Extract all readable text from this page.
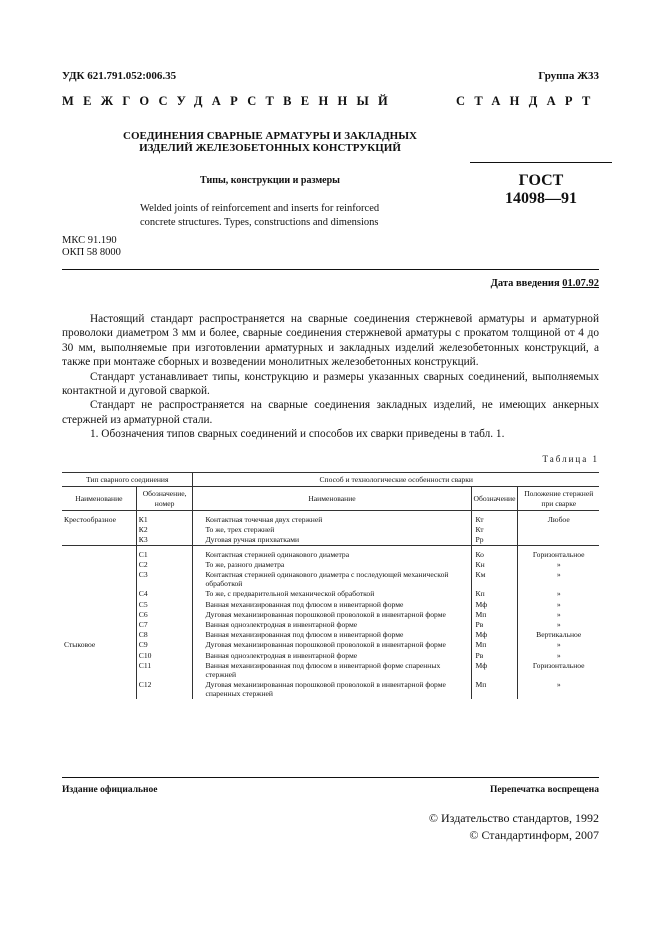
УДК 621.791.052:006.35	Группа Ж33
МЕЖГОСУДАРСТВЕННЫЙ	СТАНДАРТ
СОЕДИНЕНИЯ СВАРНЫЕ АРМАТУРЫ И ЗАКЛАДНЫХ
ИЗДЕЛИЙ ЖЕЛЕЗОБЕТОННЫХ КОНСТРУКЦИЙ
Типы, конструкции и размеры	ГОСТ
14098—91
Welded joints of reinforcement and inserts for reinforced concrete structures. Types, constructions and dimensions
МКС 91.190
ОКП 58 8000
Дата введения 01.07.92

Настоящий стандарт распространяется на сварные соединения стержневой арматуры и арматурной проволоки диаметром 3 мм и более, сварные соединения стержневой арматуры с прокатом толщиной от 4 до 30 мм, выполняемые при изготовлении арматурных и закладных изделий железобетонных конструкций, а также при монтаже сборных и возведении монолитных железобетонных конструкций.

Стандарт устанавливает типы, конструкцию и размеры указанных сварных соединений, выполняемых контактной и дуговой сваркой.

Стандарт не распространяется на сварные соединения закладных изделий, не имеющих анкерных стержней из арматурной стали.

1. Обозначения типов сварных соединений и способов их сварки приведены в табл. 1.

Таблица 1
Тип сварного соединения		Способ и технологические особенности сварки		
Наименование	Обозначение, номер	Наименование	Обозначение	Положение стержней при сварке
Крестообразное	К1	Контактная точечная двух стержней	Кт	Любое
	К2	То же, трех стержней	Кт	
	К3	Дуговая ручная прихватками	Рр	
	С1	Контактная стержней одинакового диаметра	Ко	Горизонтальное
	С2	То же, разного диаметра	Кн	»
	С3	Контактная стержней одинакового диаметра с последующей механической обработкой	Км	»
	С4	То же, с предварительной механической обработкой	Кп	»
	С5	Ванная механизированная под флюсом в инвентарной форме	Мф	»
	С6	Дуговая механизированная порошковой проволокой в инвентарной форме	Мп	»
	С7	Ванная одноэлектродная в инвентарной форме	Рв	»
	С8	Ванная механизированная под флюсом в инвентарной форме	Мф	Вертикальное
Стыковое	С9	Дуговая механизированная порошковой проволокой в инвентарной форме	Мп	»
	С10	Ванная одноэлектродная в инвентарной форме	Рв	»
	С11	Ванная механизированная под флюсом в инвентарной форме спаренных стержней	Мф	Горизонтальное
	С12	Дуговая механизированная порошковой проволокой в инвентарной форме спаренных стержней	Мп	»
Издание официальное	Перепечатка воспрещена
© Издательство стандартов, 1992
© Стандартинформ, 2007
